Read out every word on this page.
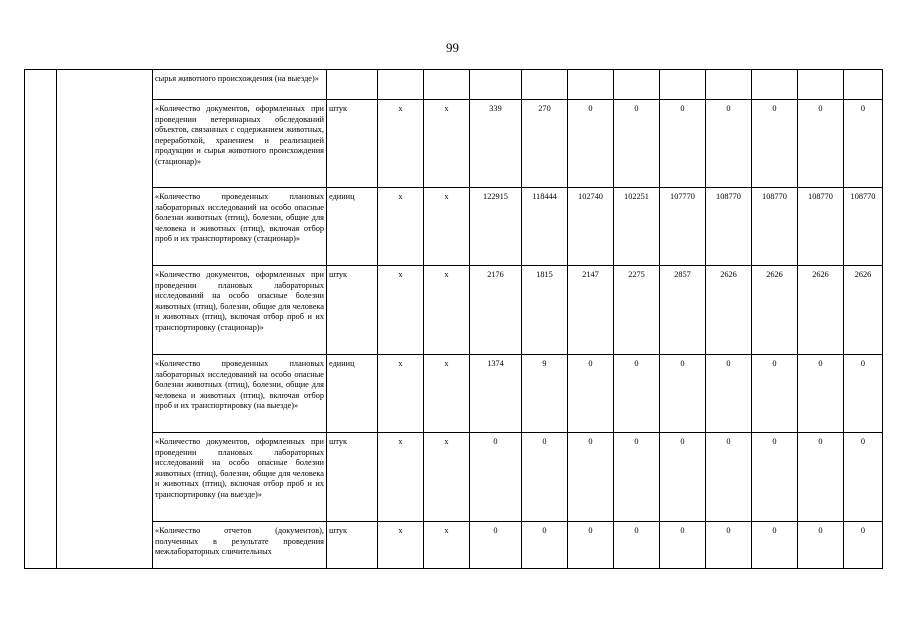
99
		сырья животного происхождения (на выезде)»												
		«Количество документов, оформленных при проведении ветеринарных обследований объектов, связанных с содержанием животных, переработкой, хранением и реализацией продукции и сырья животного происхождения (стационар)»	штук	x	x	339	270	0	0	0	0	0	0	0
		«Количество проведенных плановых лабораторных исследований на особо опасные болезни животных (птиц), болезни, общие для человека и животных (птиц), включая отбор проб и их транспортировку (стационар)»	единиц	x	x	122915	118444	102740	102251	107770	108770	108770	108770	108770
		«Количество документов, оформленных при проведении плановых лабораторных исследований на особо опасные болезни животных (птиц), болезни, общие для человека и животных (птиц), включая отбор проб и их транспортировку (стационар)»	штук	x	x	2176	1815	2147	2275	2857	2626	2626	2626	2626
		«Количество проведенных плановых лабораторных исследований на особо опасные болезни животных (птиц), болезни, общие для человека и животных (птиц), включая отбор проб и их транспортировку (на выезде)»	единиц	x	x	1374	9	0	0	0	0	0	0	0
		«Количество документов, оформленных при проведении плановых лабораторных исследований на особо опасные болезни животных (птиц), болезни, общие для человека и животных (птиц), включая отбор проб и их транспортировку (на выезде)»	штук	x	x	0	0	0	0	0	0	0	0	0
		«Количество отчетов (документов), полученных в результате проведения межлабораторных сличительных	штук	x	x	0	0	0	0	0	0	0	0	0
